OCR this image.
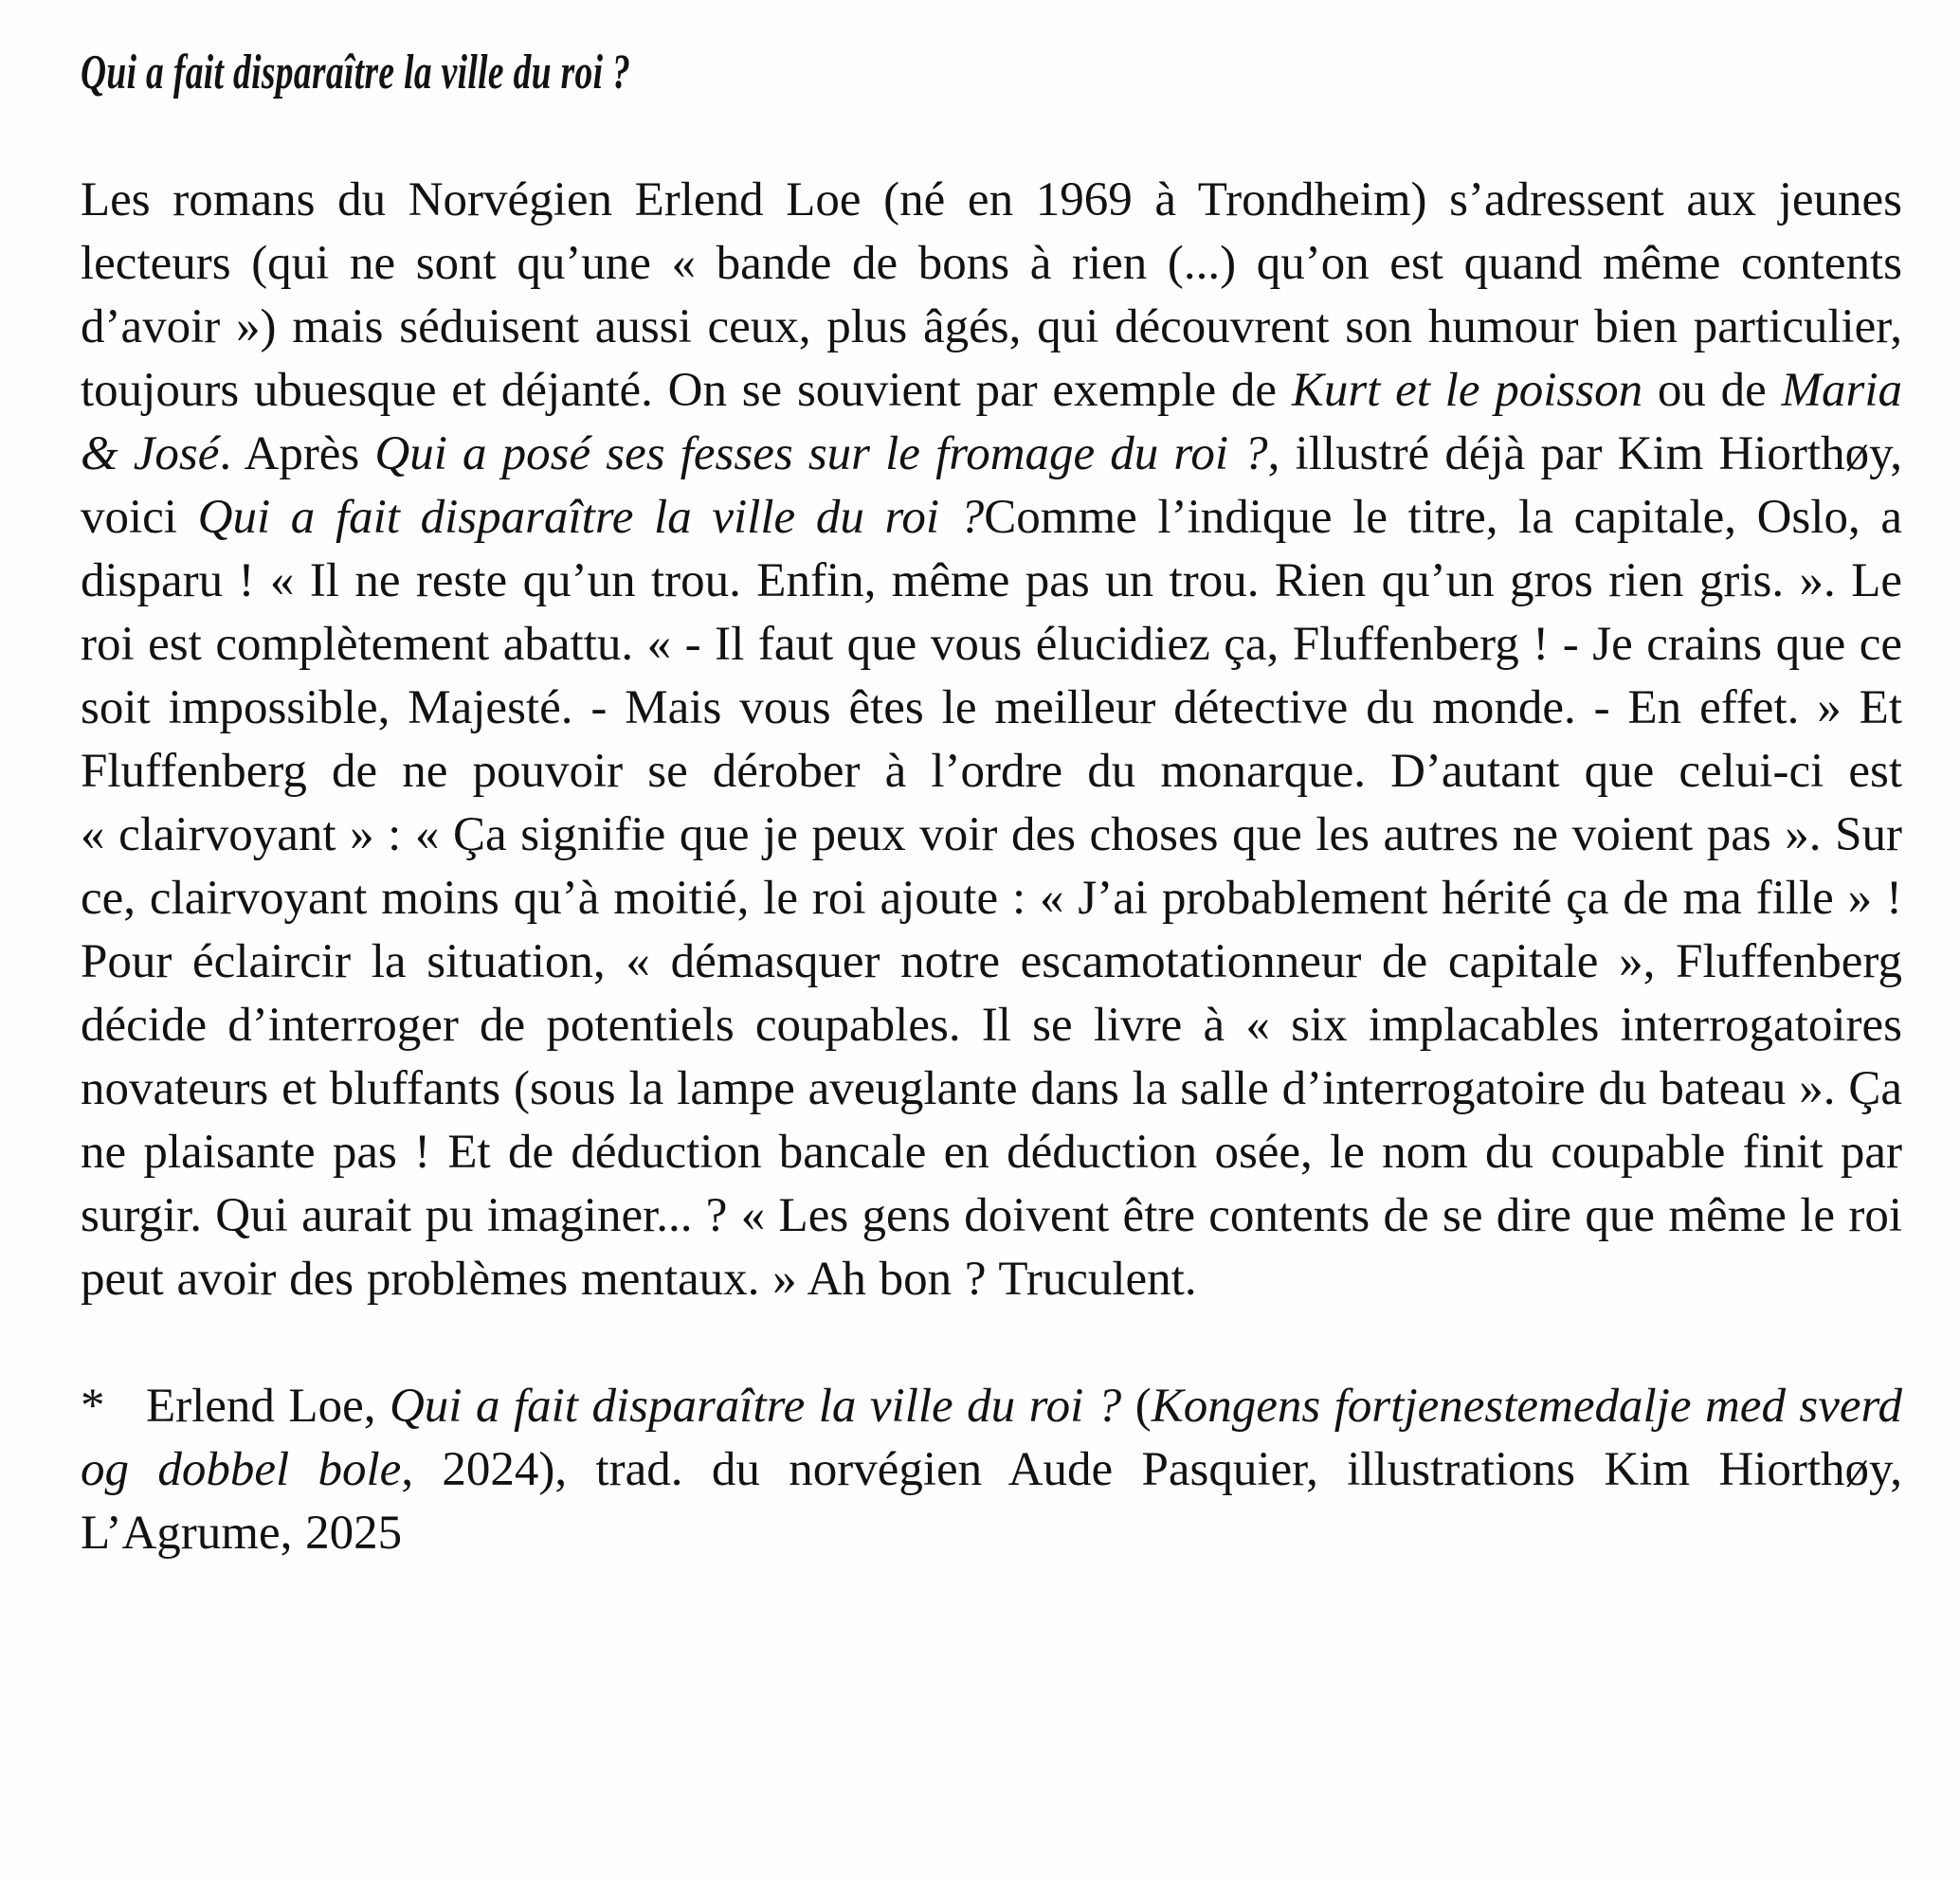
Qui a fait disparaître la ville du roi ?

Les romans du Norvégien Erlend Loe (né en 1969 à Trondheim) s’adressent aux jeunes lecteurs (qui ne sont qu’une « bande de bons à rien (...) qu’on est quand même contents d’avoir ») mais séduisent aussi ceux, plus âgés, qui découvrent son humour bien particulier, toujours ubuesque et déjanté. On se souvient par exemple de Kurt et le poisson ou de Maria & José. Après Qui a posé ses fesses sur le fromage du roi ?, illustré déjà par Kim Hiorthøy, voici Qui a fait disparaître la ville du roi ?Comme l’indique le titre, la capitale, Oslo, a disparu ! « Il ne reste qu’un trou. Enfin, même pas un trou. Rien qu’un gros rien gris. ». Le roi est complètement abattu. « - Il faut que vous élucidiez ça, Fluffenberg ! - Je crains que ce soit impossible, Majesté. - Mais vous êtes le meilleur détective du monde. - En effet. » Et Fluffenberg de ne pouvoir se dérober à l’ordre du monarque. D’autant que celui-ci est « clairvoyant » : « Ça signifie que je peux voir des choses que les autres ne voient pas ». Sur ce, clairvoyant moins qu’à moitié, le roi ajoute : « J’ai probablement hérité ça de ma fille » ! Pour éclaircir la situation, « démasquer notre escamotationneur de capitale », Fluffenberg décide d’interroger de potentiels coupables. Il se livre à « six implacables interrogatoires novateurs et bluffants (sous la lampe aveuglante dans la salle d’interrogatoire du bateau ». Ça ne plaisante pas ! Et de déduction bancale en déduction osée, le nom du coupable finit par surgir. Qui aurait pu imaginer... ? « Les gens doivent être contents de se dire que même le roi peut avoir des problèmes mentaux. » Ah bon ? Truculent.

*   Erlend Loe, Qui a fait disparaître la ville du roi ? (Kongens fortjenestemedalje med sverd og dobbel bole, 2024), trad. du norvégien Aude Pasquier, illustrations Kim Hiorthøy, L’Agrume, 2025
